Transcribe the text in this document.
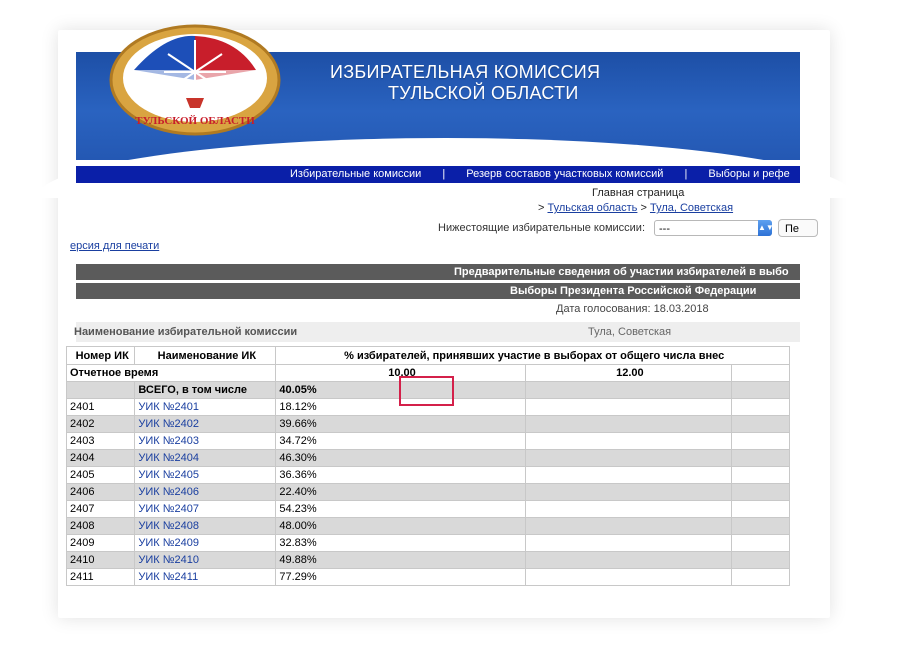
ТУЛЬСКОЙ ОБЛАСТИ
ИЗБИРАТЕЛЬНАЯ КОМИССИЯ
ТУЛЬСКОЙ ОБЛАСТИ
Избирательные комиссии | Резерв составов участковых комиссий | Выборы и рефе
Главная страница
> Тульская область > Тула, Советская
Нижестоящие избирательные комиссии:	---	▲▼	Пе
ерсия для печати
Предварительные сведения об участии избирателей в выбо
Выборы Президента Российской Федерации
Дата голосования: 18.03.2018
Наименование избирательной комиссии	Тула, Советская
Номер ИК	Наименование ИК	% избирателей, принявших участие в выборах от общего числа внес		
Отчетное время		10.00	12.00	
	ВСЕГО, в том числе	40.05%		
2401	УИК №2401	18.12%		
2402	УИК №2402	39.66%		
2403	УИК №2403	34.72%		
2404	УИК №2404	46.30%		
2405	УИК №2405	36.36%		
2406	УИК №2406	22.40%		
2407	УИК №2407	54.23%		
2408	УИК №2408	48.00%		
2409	УИК №2409	32.83%		
2410	УИК №2410	49.88%		
2411	УИК №2411	77.29%		
